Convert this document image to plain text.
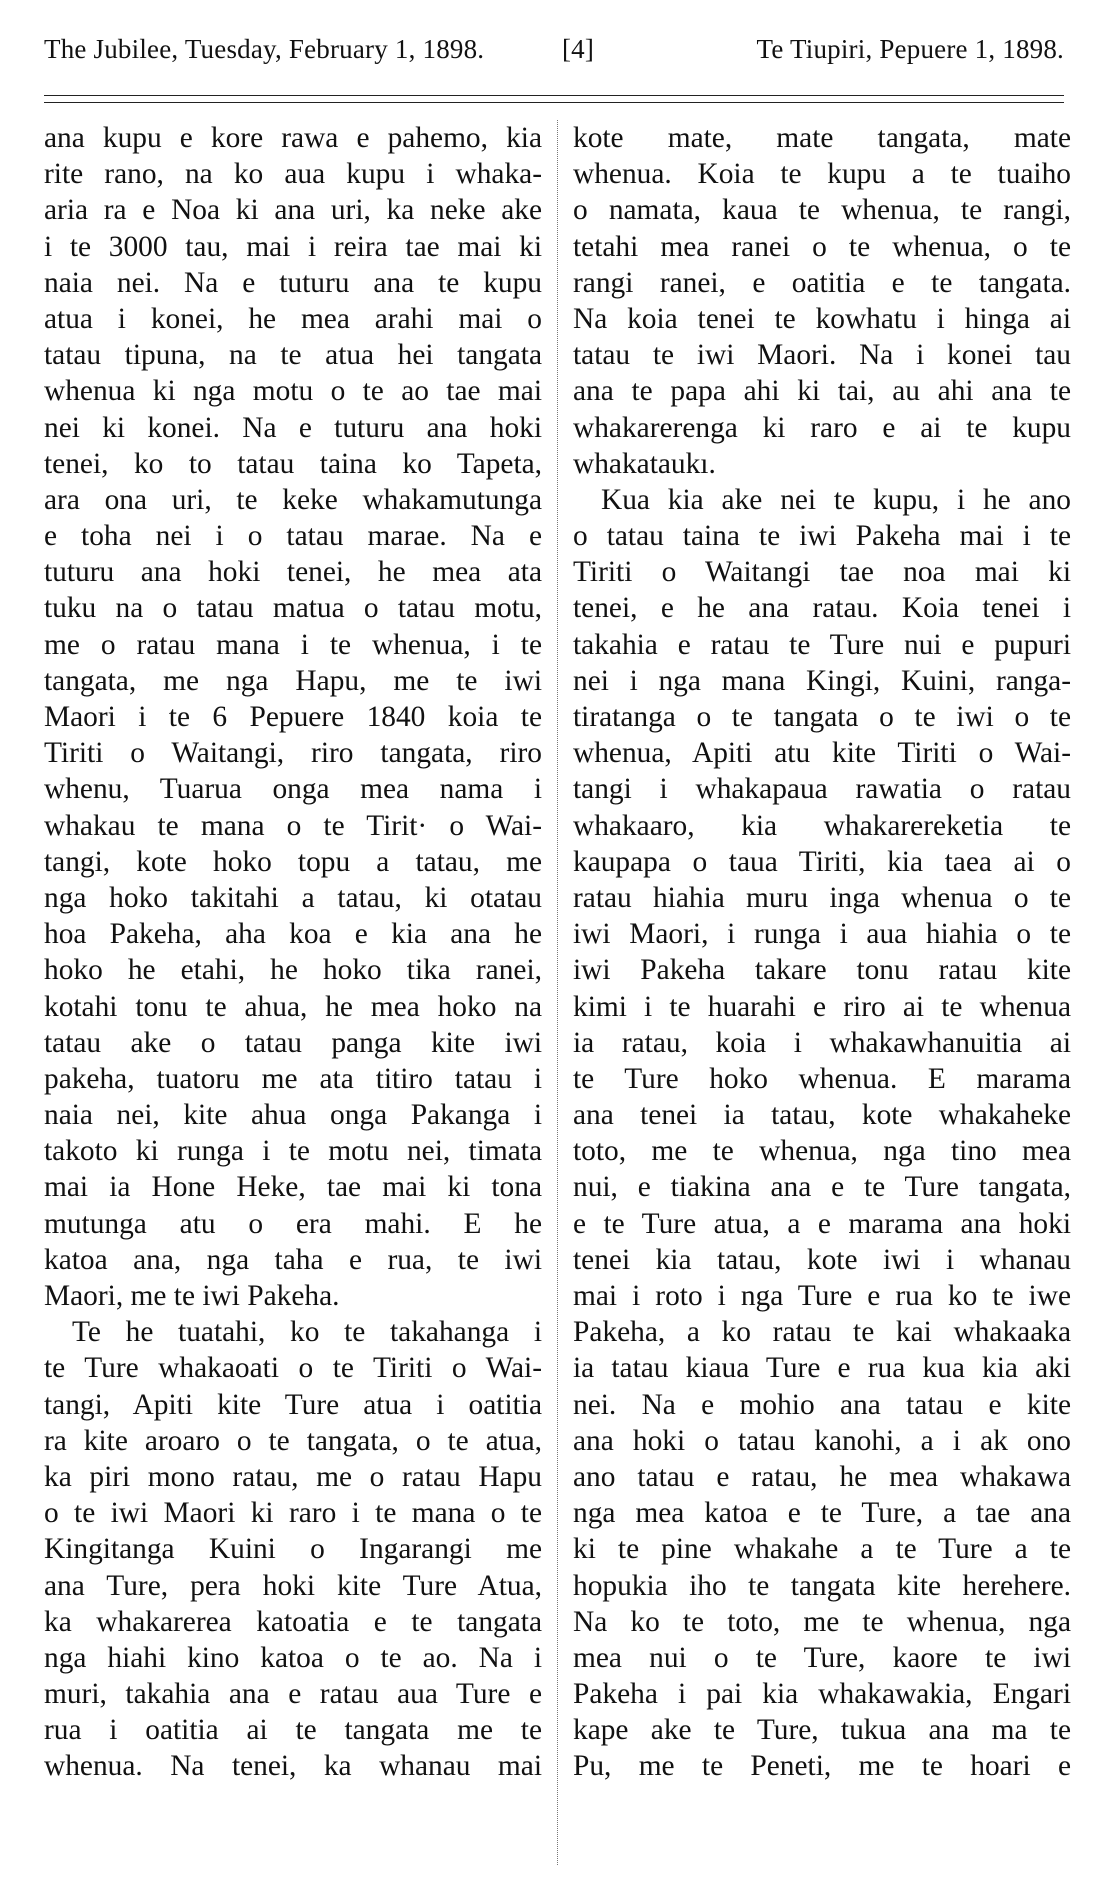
The Jubilee, Tuesday, February 1, 1898.	[4]	Te Tiupiri, Pepuere 1, 1898.
ana kupu e kore rawa e pahemo, kia
rite rano, na ko aua kupu i whaka-
aria ra e Noa ki ana uri, ka neke ake
i te 3000 tau, mai i reira tae mai ki
naia nei. Na e tuturu ana te kupu
atua i konei, he mea arahi mai o
tatau tipuna, na te atua hei tangata
whenua ki nga motu o te ao tae mai
nei ki konei. Na e tuturu ana hoki
tenei, ko to tatau taina ko Tapeta,
ara ona uri, te keke whakamutunga
e toha nei i o tatau marae. Na e
tuturu ana hoki tenei, he mea ata
tuku na o tatau matua o tatau motu,
me o ratau mana i te whenua, i te
tangata, me nga Hapu, me te iwi
Maori i te 6 Pepuere 1840 koia te
Tiriti o Waitangi, riro tangata, riro
whenu, Tuarua onga mea nama i
whakau te mana o te Tirit· o Wai-
tangi, kote hoko topu a tatau, me
nga hoko takitahi a tatau, ki otatau
hoa Pakeha, aha koa e kia ana he
hoko he etahi, he hoko tika ranei,
kotahi tonu te ahua, he mea hoko na
tatau ake o tatau panga kite iwi
pakeha, tuatoru me ata titiro tatau i
naia nei, kite ahua onga Pakanga i
takoto ki runga i te motu nei, timata
mai ia Hone Heke, tae mai ki tona
mutunga atu o era mahi. E he
katoa ana, nga taha e rua, te iwi
Maori, me te iwi Pakeha.
Te he tuatahi, ko te takahanga i
te Ture whakaoati o te Tiriti o Wai-
tangi, Apiti kite Ture atua i oatitia
ra kite aroaro o te tangata, o te atua,
ka piri mono ratau, me o ratau Hapu
o te iwi Maori ki raro i te mana o te
Kingitanga Kuini o Ingarangi me
ana Ture, pera hoki kite Ture Atua,
ka whakarerea katoatia e te tangata
nga hiahi kino katoa o te ao. Na i
muri, takahia ana e ratau aua Ture e
rua i oatitia ai te tangata me te
whenua. Na tenei, ka whanau mai
kote mate, mate tangata, mate
whenua. Koia te kupu a te tuaiho
o namata, kaua te whenua, te rangi,
tetahi mea ranei o te whenua, o te
rangi ranei, e oatitia e te tangata.
Na koia tenei te kowhatu i hinga ai
tatau te iwi Maori. Na i konei tau
ana te papa ahi ki tai, au ahi ana te
whakarerenga ki raro e ai te kupu
whakataukı.
Kua kia ake nei te kupu, i he ano
o tatau taina te iwi Pakeha mai i te
Tiriti o Waitangi tae noa mai ki
tenei, e he ana ratau. Koia tenei i
takahia e ratau te Ture nui e pupuri
nei i nga mana Kingi, Kuini, ranga-
tiratanga o te tangata o te iwi o te
whenua, Apiti atu kite Tiriti o Wai-
tangi i whakapaua rawatia o ratau
whakaaro, kia whakarereketia te
kaupapa o taua Tiriti, kia taea ai o
ratau hiahia muru inga whenua o te
iwi Maori, i runga i aua hiahia o te
iwi Pakeha takare tonu ratau kite
kimi i te huarahi e riro ai te whenua
ia ratau, koia i whakawhanuitia ai
te Ture hoko whenua. E marama
ana tenei ia tatau, kote whakaheke
toto, me te whenua, nga tino mea
nui, e tiakina ana e te Ture tangata,
e te Ture atua, a e marama ana hoki
tenei kia tatau, kote iwi i whanau
mai i roto i nga Ture e rua ko te iwe
Pakeha, a ko ratau te kai whakaaka
ia tatau kiaua Ture e rua kua kia aki
nei. Na e mohio ana tatau e kite
ana hoki o tatau kanohi, a i ak ono
ano tatau e ratau, he mea whakawa
nga mea katoa e te Ture, a tae ana
ki te pine whakahe a te Ture a te
hopukia iho te tangata kite herehere.
Na ko te toto, me te whenua, nga
mea nui o te Ture, kaore te iwi
Pakeha i pai kia whakawakia, Engari
kape ake te Ture, tukua ana ma te
Pu, me te Peneti, me te hoari e
